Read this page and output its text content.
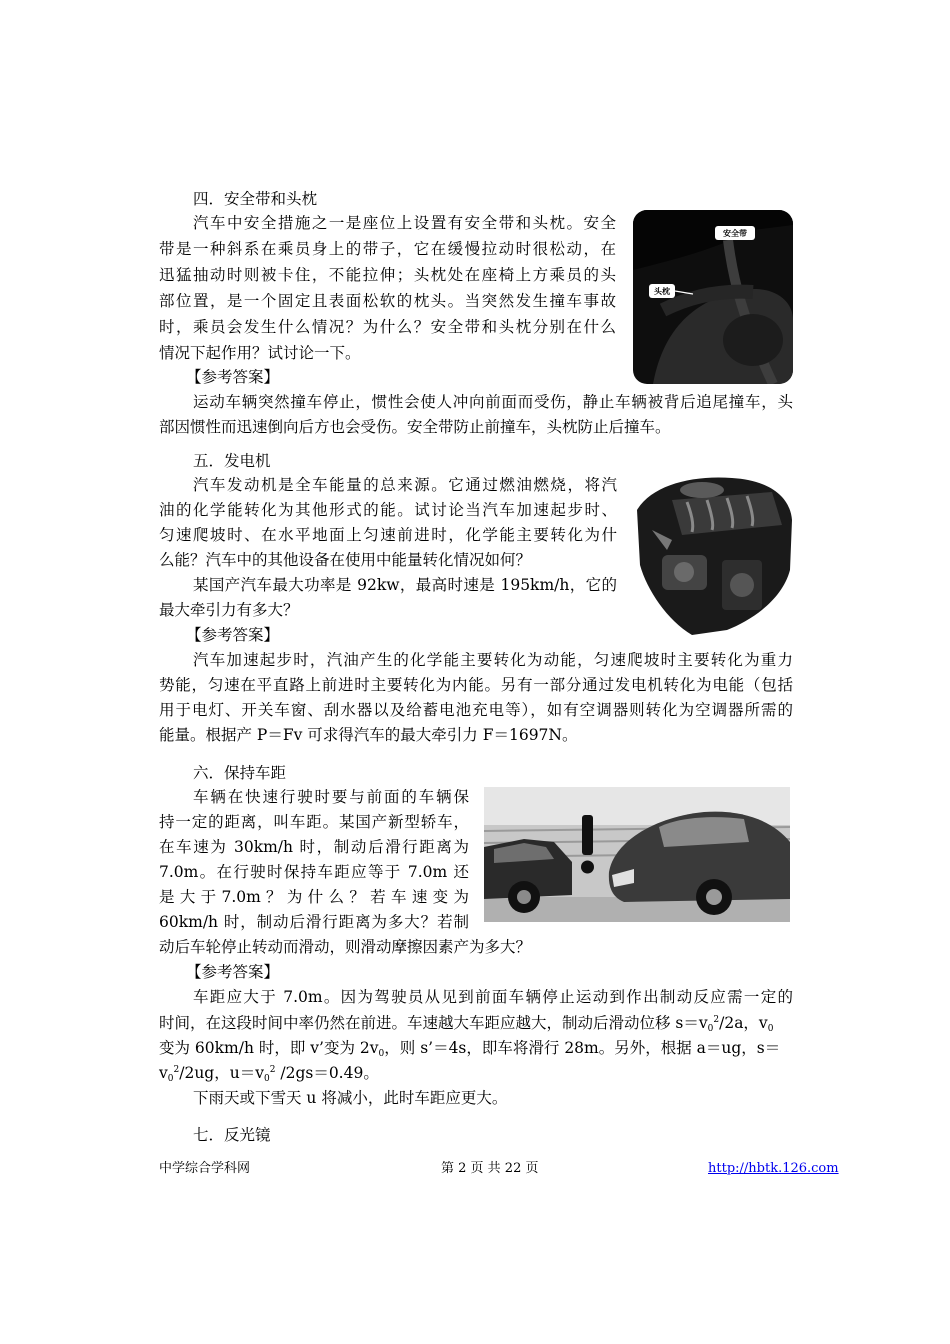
四．安全带和头枕
汽车中安全措施之一是座位上设置有安全带和头枕。安全
带是一种斜系在乘员身上的带子，它在缓慢拉动时很松动，在
迅猛抽动时则被卡住，不能拉伸；头枕处在座椅上方乘员的头
部位置，是一个固定且表面松软的枕头。当突然发生撞车事故
时，乘员会发生什么情况？为什么？安全带和头枕分别在什么
情况下起作用？试讨论一下。
【参考答案】
运动车辆突然撞车停止，惯性会使人冲向前面而受伤，静止车辆被背后追尾撞车，头
部因惯性而迅速倒向后方也会受伤。安全带防止前撞车，头枕防止后撞车。
安全带
头枕
五．发电机
汽车发动机是全车能量的总来源。它通过燃油燃烧，将汽
油的化学能转化为其他形式的能。试讨论当汽车加速起步时、
匀速爬坡时、在水平地面上匀速前进时，化学能主要转化为什
么能？汽车中的其他设备在使用中能量转化情况如何？
某国产汽车最大功率是 92kw，最高时速是 195km/h，它的
最大牵引力有多大？
【参考答案】
汽车加速起步时，汽油产生的化学能主要转化为动能，匀速爬坡时主要转化为重力
势能，匀速在平直路上前进时主要转化为内能。另有一部分通过发电机转化为电能（包括
用于电灯、开关车窗、刮水器以及给蓄电池充电等），如有空调器则转化为空调器所需的
能量。根据产 P＝Fv 可求得汽车的最大牵引力 F＝1697N。
六．保持车距
车辆在快速行驶时要与前面的车辆保
持一定的距离，叫车距。某国产新型轿车，
在车速为 30km/h 时，制动后滑行距离为
7.0m。在行驶时保持车距应等于 7.0m 还
是 大 于 7.0m ？ 为 什 么 ？ 若 车 速 变 为
60km/h 时，制动后滑行距离为多大？若制
动后车轮停止转动而滑动，则滑动摩擦因素产为多大？
【参考答案】
车距应大于 7.0m。因为驾驶员从见到前面车辆停止运动到作出制动反应需一定的
时间，在这段时间中率仍然在前进。车速越大车距应越大，制动后滑动位移 $s=v0^2/2a$，v0
变为 60km/h 时，即 v’变为 2v0，则 s’＝4s，即车将滑行 28m。另外，根据 a＝ug，s＝
$v0^2/2ug$，$u=v0^2$ /2gs＝0.49。
下雨天或下雪天 u 将减小，此时车距应更大。
七．反光镜
中学综合学科网	第 2 页 共 22 页	http://hbtk.126.com
